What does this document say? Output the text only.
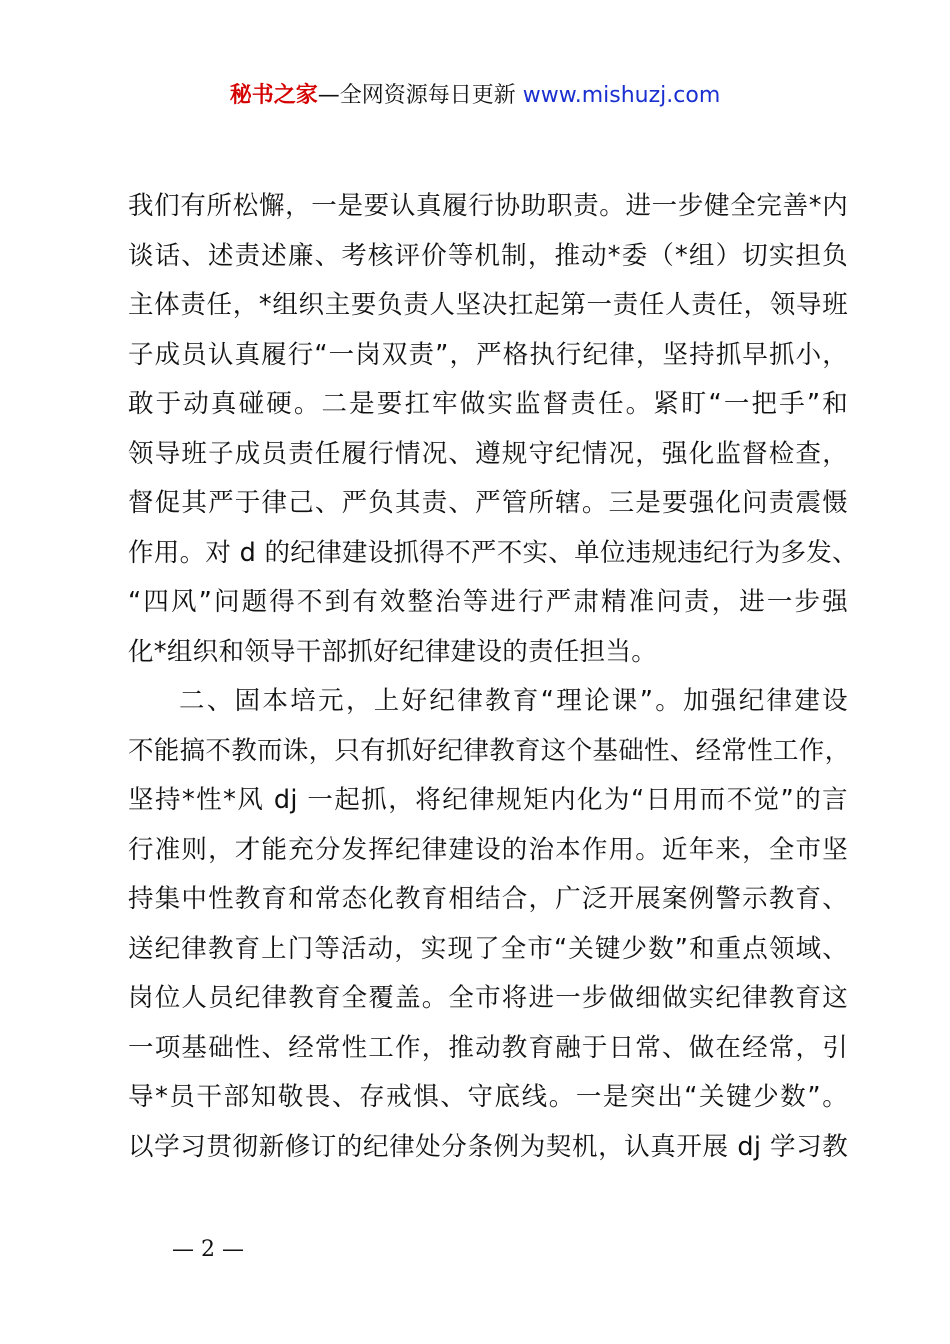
秘书之家—全网资源每日更新 www.mishuzj.com
我们有所松懈，一是要认真履行协助职责。进一步健全完善*内
谈话、述责述廉、考核评价等机制，推动*委（*组）切实担负
主体责任，*组织主要负责人坚决扛起第一责任人责任，领导班
子成员认真履行“一岗双责”，严格执行纪律，坚持抓早抓小，
敢于动真碰硬。二是要扛牢做实监督责任。紧盯“一把手”和
领导班子成员责任履行情况、遵规守纪情况，强化监督检查，
督促其严于律己、严负其责、严管所辖。三是要强化问责震慑
作用。对 d 的纪律建设抓得不严不实、单位违规违纪行为多发、
“四风”问题得不到有效整治等进行严肃精准问责，进一步强
化*组织和领导干部抓好纪律建设的责任担当。
二、固本培元，上好纪律教育“理论课”。加强纪律建设
不能搞不教而诛，只有抓好纪律教育这个基础性、经常性工作，
坚持*性*风 dj 一起抓，将纪律规矩内化为“日用而不觉”的言
行准则，才能充分发挥纪律建设的治本作用。近年来，全市坚
持集中性教育和常态化教育相结合，广泛开展案例警示教育、
送纪律教育上门等活动，实现了全市“关键少数”和重点领域、
岗位人员纪律教育全覆盖。全市将进一步做细做实纪律教育这
一项基础性、经常性工作，推动教育融于日常、做在经常，引
导*员干部知敬畏、存戒惧、守底线。一是突出“关键少数”。
以学习贯彻新修订的纪律处分条例为契机，认真开展 dj 学习教
— 2 —
